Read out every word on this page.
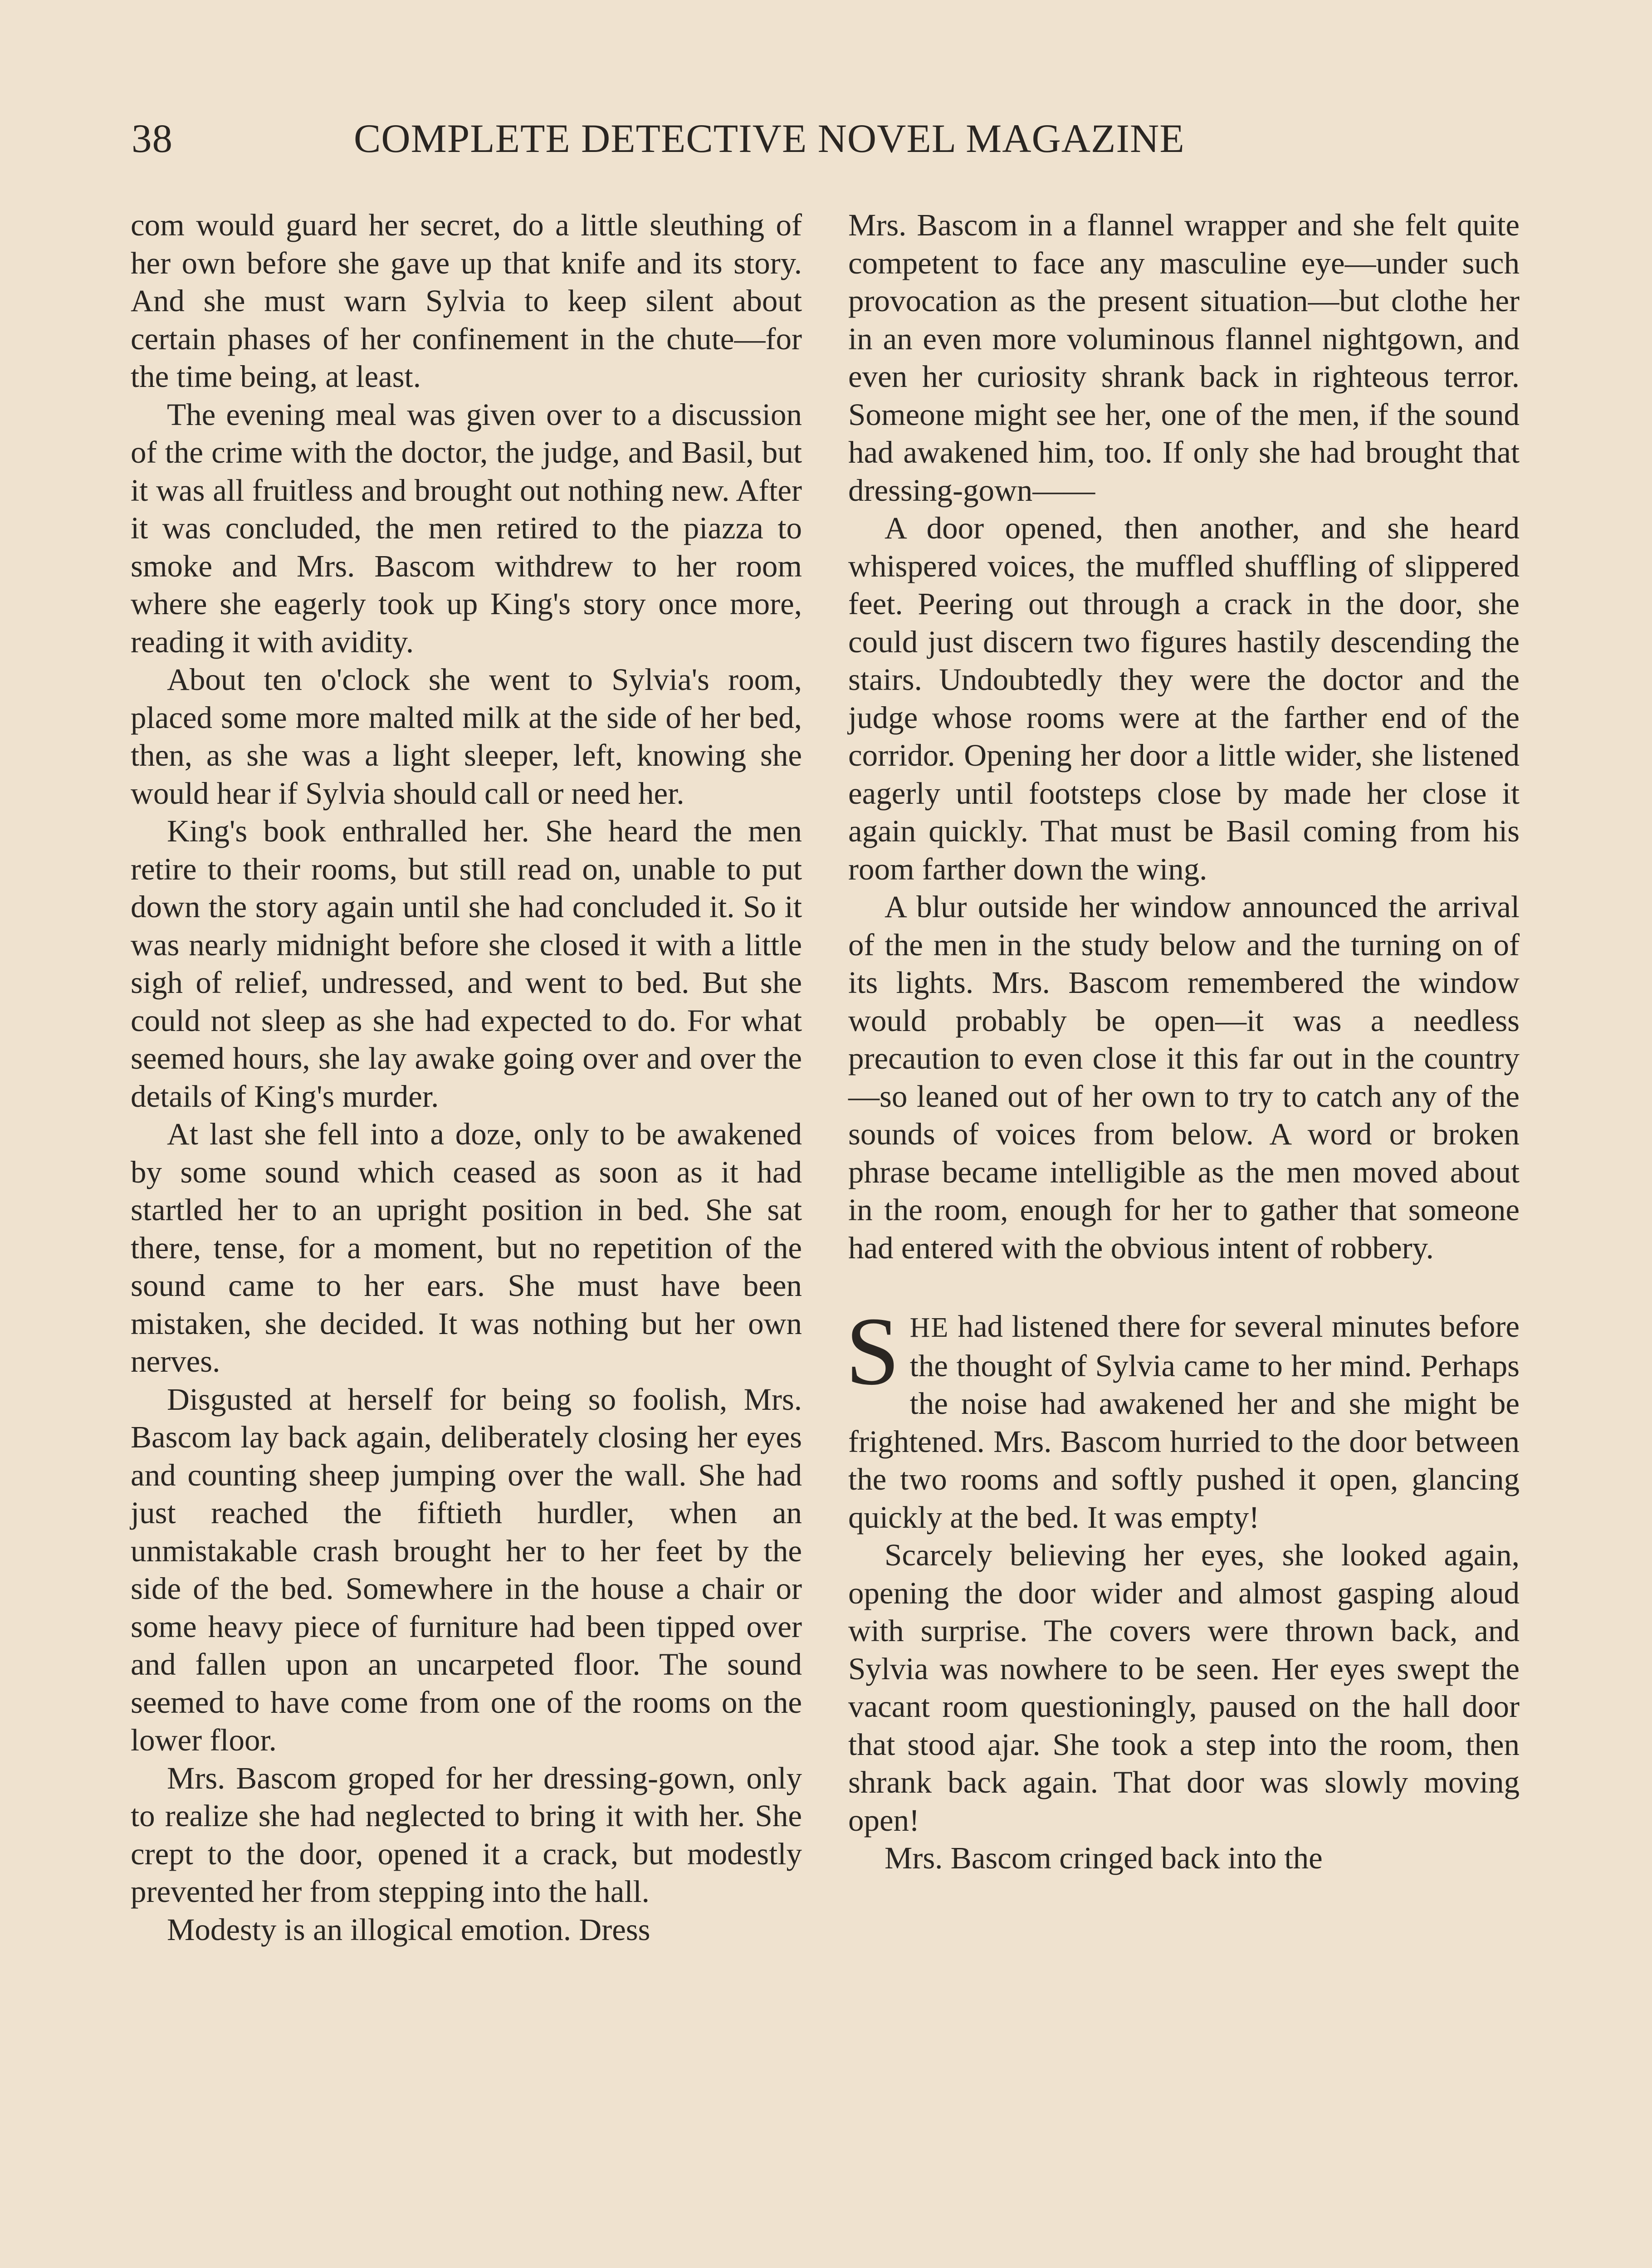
38	COMPLETE DETECTIVE NOVEL MAGAZINE

com would guard her secret, do a little sleuthing of her own before she gave up that knife and its story. And she must warn Sylvia to keep silent about certain phases of her confinement in the chute—for the time being, at least.

The evening meal was given over to a discussion of the crime with the doctor, the judge, and Basil, but it was all fruitless and brought out nothing new. After it was concluded, the men retired to the piazza to smoke and Mrs. Bascom withdrew to her room where she eagerly took up King's story once more, reading it with avidity.

About ten o'clock she went to Sylvia's room, placed some more malted milk at the side of her bed, then, as she was a light sleeper, left, knowing she would hear if Sylvia should call or need her.

King's book enthralled her. She heard the men retire to their rooms, but still read on, unable to put down the story again until she had concluded it. So it was nearly midnight before she closed it with a little sigh of relief, undressed, and went to bed. But she could not sleep as she had expected to do. For what seemed hours, she lay awake going over and over the details of King's murder.

At last she fell into a doze, only to be awakened by some sound which ceased as soon as it had startled her to an upright position in bed. She sat there, tense, for a moment, but no repetition of the sound came to her ears. She must have been mistaken, she decided. It was nothing but her own nerves.

Disgusted at herself for being so foolish, Mrs. Bascom lay back again, deliberately closing her eyes and counting sheep jumping over the wall. She had just reached the fiftieth hurdler, when an unmistakable crash brought her to her feet by the side of the bed. Somewhere in the house a chair or some heavy piece of furniture had been tipped over and fallen upon an uncarpeted floor. The sound seemed to have come from one of the rooms on the lower floor.

Mrs. Bascom groped for her dressing-gown, only to realize she had neglected to bring it with her. She crept to the door, opened it a crack, but modestly prevented her from stepping into the hall.

Modesty is an illogical emotion. Dress

Mrs. Bascom in a flannel wrapper and she felt quite competent to face any masculine eye—under such provocation as the present situation—but clothe her in an even more voluminous flannel nightgown, and even her curiosity shrank back in righteous terror. Someone might see her, one of the men, if the sound had awakened him, too. If only she had brought that dressing-gown——

A door opened, then another, and she heard whispered voices, the muffled shuffling of slippered feet. Peering out through a crack in the door, she could just discern two figures hastily descending the stairs. Undoubtedly they were the doctor and the judge whose rooms were at the farther end of the corridor. Opening her door a little wider, she listened eagerly until footsteps close by made her close it again quickly. That must be Basil coming from his room farther down the wing.

A blur outside her window announced the arrival of the men in the study below and the turning on of its lights. Mrs. Bascom remembered the window would probably be open—it was a needless precaution to even close it this far out in the country—so leaned out of her own to try to catch any of the sounds of voices from below. A word or broken phrase became intelligible as the men moved about in the room, enough for her to gather that someone had entered with the obvious intent of robbery.

SHE had listened there for several minutes before the thought of Sylvia came to her mind. Perhaps the noise had awakened her and she might be frightened. Mrs. Bascom hurried to the door between the two rooms and softly pushed it open, glancing quickly at the bed. It was empty!

Scarcely believing her eyes, she looked again, opening the door wider and almost gasping aloud with surprise. The covers were thrown back, and Sylvia was nowhere to be seen. Her eyes swept the vacant room questioningly, paused on the hall door that stood ajar. She took a step into the room, then shrank back again. That door was slowly moving open!

Mrs. Bascom cringed back into the
